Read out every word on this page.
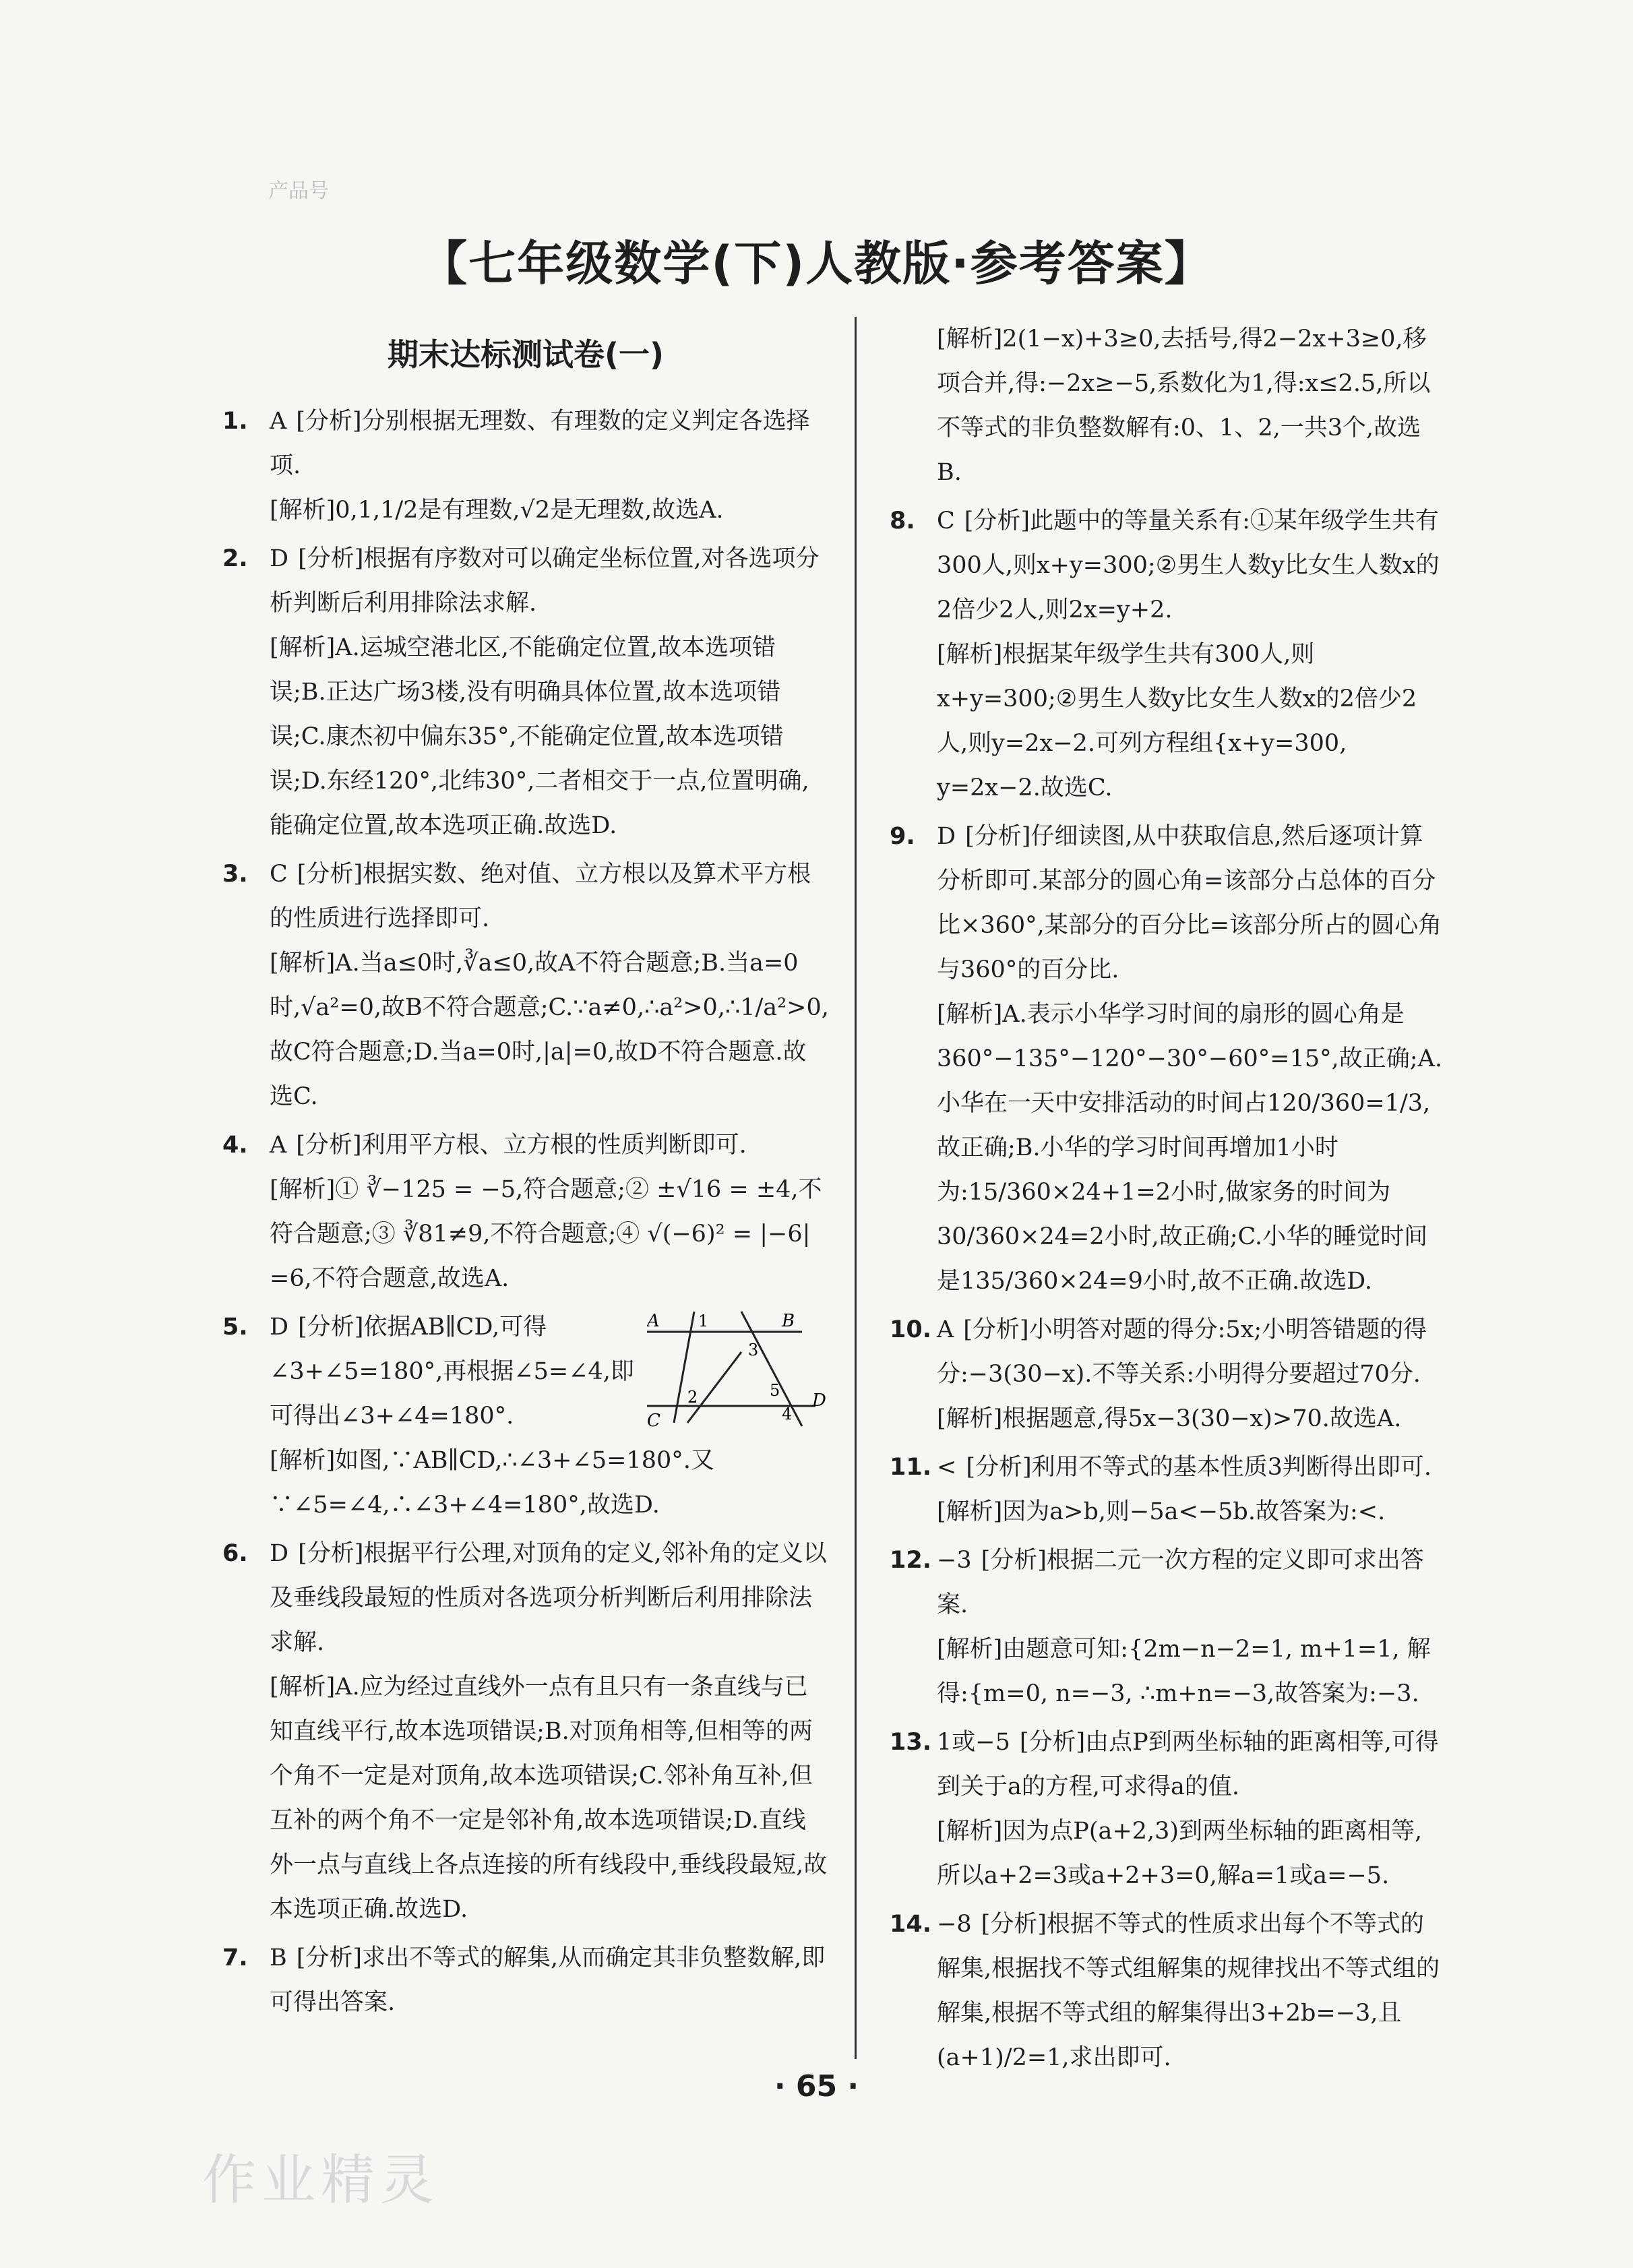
产品号
【七年级数学(下)人教版·参考答案】
期末达标测试卷(一)
1. A [分析]分别根据无理数、有理数的定义判定各选择项.
[解析]0,1,1/2是有理数,√2是无理数,故选A.
2. D [分析]根据有序数对可以确定坐标位置,对各选项分析判断后利用排除法求解.
[解析]A.运城空港北区,不能确定位置,故本选项错误;B.正达广场3楼,没有明确具体位置,故本选项错误;C.康杰初中偏东35°,不能确定位置,故本选项错误;D.东经120°,北纬30°,二者相交于一点,位置明确,能确定位置,故本选项正确.故选D.
3. C [分析]根据实数、绝对值、立方根以及算术平方根的性质进行选择即可.
[解析]A.当a≤0时,∛a≤0,故A不符合题意;B.当a=0时,√a²=0,故B不符合题意;C.∵a≠0,∴a²>0,∴1/a²>0,故C符合题意;D.当a=0时,|a|=0,故D不符合题意.故选C.
4. A [分析]利用平方根、立方根的性质判断即可.
[解析]① ∛−125 = −5,符合题意;② ±√16 = ±4,不符合题意;③ ∛81≠9,不符合题意;④ √(−6)² = |−6| =6,不符合题意,故选A.
5. D	A	B
C
D
1
2
3
4
5
[分析]依据AB∥CD,可得∠3+∠5=180°,再根据∠5=∠4,即可得出∠3+∠4=180°.
[解析]如图,∵AB∥CD,∴∠3+∠5=180°.又∵∠5=∠4,∴∠3+∠4=180°,故选D.
6. D [分析]根据平行公理,对顶角的定义,邻补角的定义以及垂线段最短的性质对各选项分析判断后利用排除法求解.
[解析]A.应为经过直线外一点有且只有一条直线与已知直线平行,故本选项错误;B.对顶角相等,但相等的两个角不一定是对顶角,故本选项错误;C.邻补角互补,但互补的两个角不一定是邻补角,故本选项错误;D.直线外一点与直线上各点连接的所有线段中,垂线段最短,故本选项正确.故选D.
7. B [分析]求出不等式的解集,从而确定其非负整数解,即可得出答案.
[解析]2(1−x)+3≥0,去括号,得2−2x+3≥0,移项合并,得:−2x≥−5,系数化为1,得:x≤2.5,所以不等式的非负整数解有:0、1、2,一共3个,故选B.
8. C [分析]此题中的等量关系有:①某年级学生共有300人,则x+y=300;②男生人数y比女生人数x的2倍少2人,则2x=y+2.
[解析]根据某年级学生共有300人,则x+y=300;②男生人数y比女生人数x的2倍少2人,则y=2x−2.可列方程组{x+y=300, y=2x−2.故选C.
9. D [分析]仔细读图,从中获取信息,然后逐项计算分析即可.某部分的圆心角=该部分占总体的百分比×360°,某部分的百分比=该部分所占的圆心角与360°的百分比.
[解析]A.表示小华学习时间的扇形的圆心角是360°−135°−120°−30°−60°=15°,故正确;A.小华在一天中安排活动的时间占120/360=1/3,故正确;B.小华的学习时间再增加1小时为:15/360×24+1=2小时,做家务的时间为30/360×24=2小时,故正确;C.小华的睡觉时间是135/360×24=9小时,故不正确.故选D.
10. A [分析]小明答对题的得分:5x;小明答错题的得分:−3(30−x).不等关系:小明得分要超过70分.
[解析]根据题意,得5x−3(30−x)>70.故选A.
11. < [分析]利用不等式的基本性质3判断得出即可.
[解析]因为a>b,则−5a<−5b.故答案为:<.
12. −3 [分析]根据二元一次方程的定义即可求出答案.
[解析]由题意可知:{2m−n−2=1, m+1=1, 解得:{m=0, n=−3, ∴m+n=−3,故答案为:−3.
13. 1或−5 [分析]由点P到两坐标轴的距离相等,可得到关于a的方程,可求得a的值.
[解析]因为点P(a+2,3)到两坐标轴的距离相等,所以a+2=3或a+2+3=0,解a=1或a=−5.
14. −8 [分析]根据不等式的性质求出每个不等式的解集,根据找不等式组解集的规律找出不等式组的解集,根据不等式组的解集得出3+2b=−3,且(a+1)/2=1,求出即可.
· 65 ·
作业精灵
